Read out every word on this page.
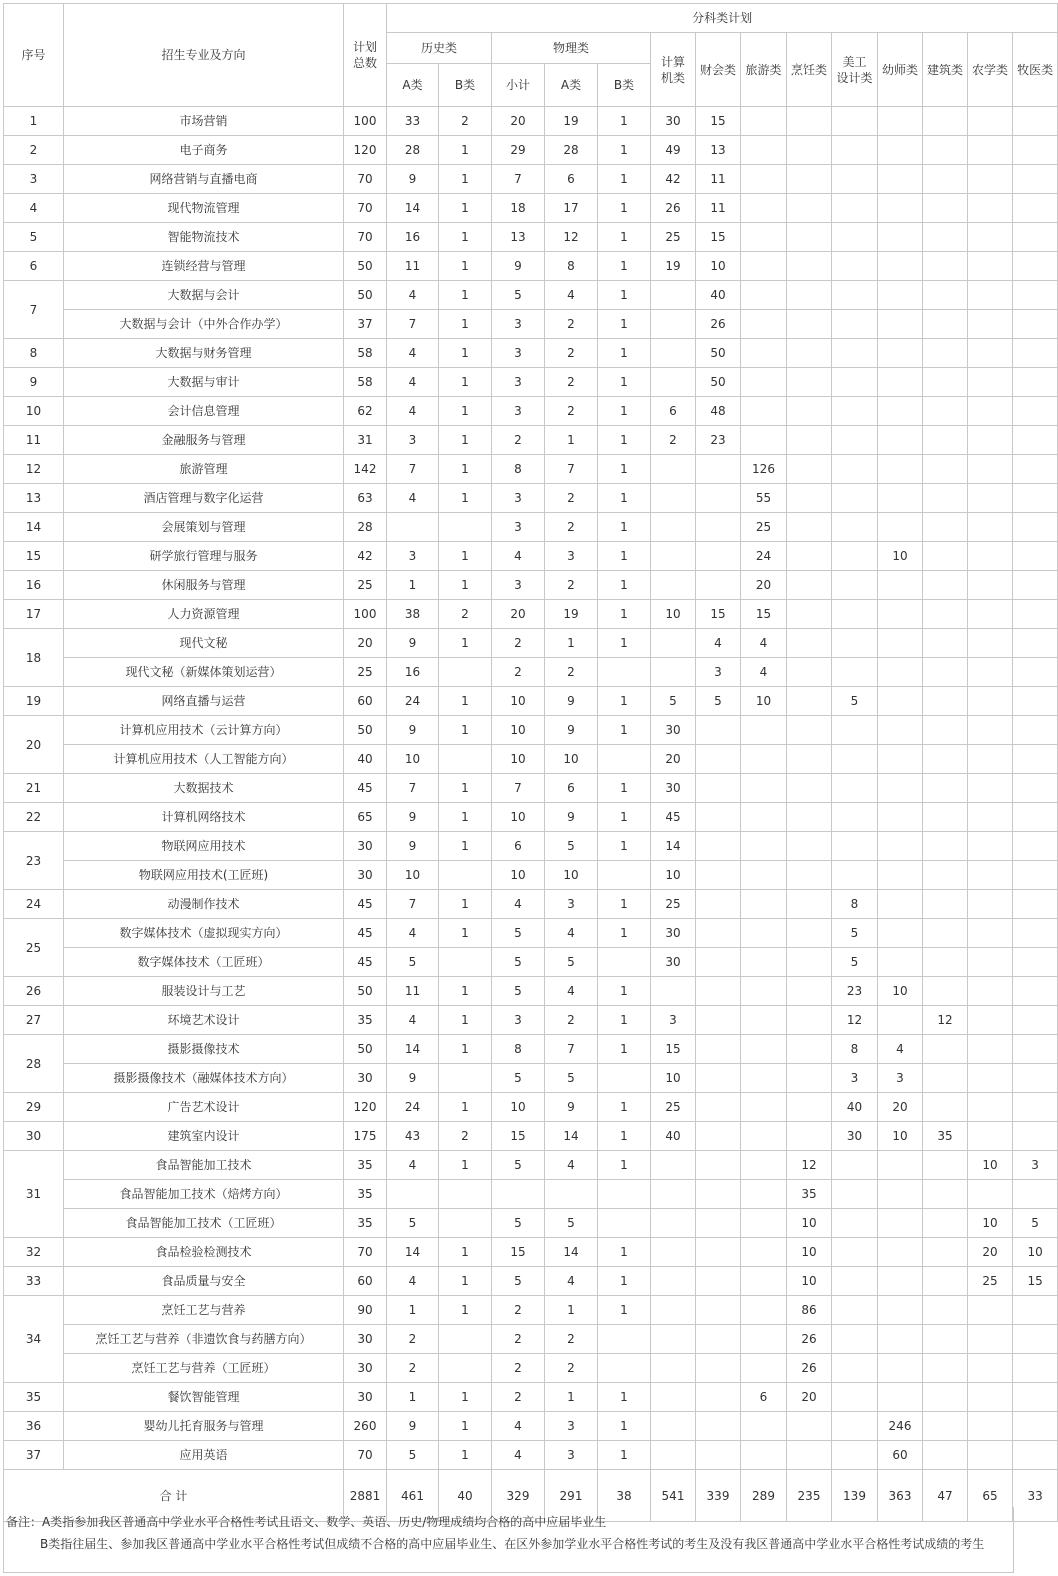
序号	招生专业及方向	计划
总数	分科类计划													
			历史类		物理类			计算
机类	财会类	旅游类	烹饪类	美工
设计类	幼师类	建筑类	农学类	牧医类
			A类	B类	小计	A类	B类									
1	市场营销	100	33	2	20	19	1	30	15							
2	电子商务	120	28	1	29	28	1	49	13							
3	网络营销与直播电商	70	9	1	7	6	1	42	11							
4	现代物流管理	70	14	1	18	17	1	26	11							
5	智能物流技术	70	16	1	13	12	1	25	15							
6	连锁经营与管理	50	11	1	9	8	1	19	10							
7	大数据与会计	50	4	1	5	4	1		40							
	大数据与会计（中外合作办学）	37	7	1	3	2	1		26							
8	大数据与财务管理	58	4	1	3	2	1		50							
9	大数据与审计	58	4	1	3	2	1		50							
10	会计信息管理	62	4	1	3	2	1	6	48							
11	金融服务与管理	31	3	1	2	1	1	2	23							
12	旅游管理	142	7	1	8	7	1			126						
13	酒店管理与数字化运营	63	4	1	3	2	1			55						
14	会展策划与管理	28			3	2	1			25						
15	研学旅行管理与服务	42	3	1	4	3	1			24			10			
16	休闲服务与管理	25	1	1	3	2	1			20						
17	人力资源管理	100	38	2	20	19	1	10	15	15						
18	现代文秘	20	9	1	2	1	1		4	4						
	现代文秘（新媒体策划运营）	25	16		2	2			3	4						
19	网络直播与运营	60	24	1	10	9	1	5	5	10		5				
20	计算机应用技术（云计算方向）	50	9	1	10	9	1	30								
	计算机应用技术（人工智能方向）	40	10		10	10		20								
21	大数据技术	45	7	1	7	6	1	30								
22	计算机网络技术	65	9	1	10	9	1	45								
23	物联网应用技术	30	9	1	6	5	1	14								
	物联网应用技术(工匠班)	30	10		10	10		10								
24	动漫制作技术	45	7	1	4	3	1	25				8				
25	数字媒体技术（虚拟现实方向）	45	4	1	5	4	1	30				5				
	数字媒体技术（工匠班）	45	5		5	5		30				5				
26	服装设计与工艺	50	11	1	5	4	1					23	10			
27	环境艺术设计	35	4	1	3	2	1	3				12		12		
28	摄影摄像技术	50	14	1	8	7	1	15				8	4			
	摄影摄像技术（融媒体技术方向）	30	9		5	5		10				3	3			
29	广告艺术设计	120	24	1	10	9	1	25				40	20			
30	建筑室内设计	175	43	2	15	14	1	40				30	10	35		
31	食品智能加工技术	35	4	1	5	4	1				12				10	3
	食品智能加工技术（焙烤方向）	35									35					
	食品智能加工技术（工匠班）	35	5		5	5					10				10	5
32	食品检验检测技术	70	14	1	15	14	1				10				20	10
33	食品质量与安全	60	4	1	5	4	1				10				25	15
34	烹饪工艺与营养	90	1	1	2	1	1				86					
	烹饪工艺与营养（非遗饮食与药膳方向）	30	2		2	2					26					
	烹饪工艺与营养（工匠班）	30	2		2	2					26					
35	餐饮智能管理	30	1	1	2	1	1			6	20					
36	婴幼儿托育服务与管理	260	9	1	4	3	1						246			
37	应用英语	70	5	1	4	3	1						60			
合 计		2881	461	40	329	291	38	541	339	289	235	139	363	47	65	33
备注：A类指参加我区普通高中学业水平合格性考试且语文、数学、英语、历史/物理成绩均合格的高中应届毕业生
B类指往届生、参加我区普通高中学业水平合格性考试但成绩不合格的高中应届毕业生、在区外参加学业水平合格性考试的考生及没有我区普通高中学业水平合格性考试成绩的考生
